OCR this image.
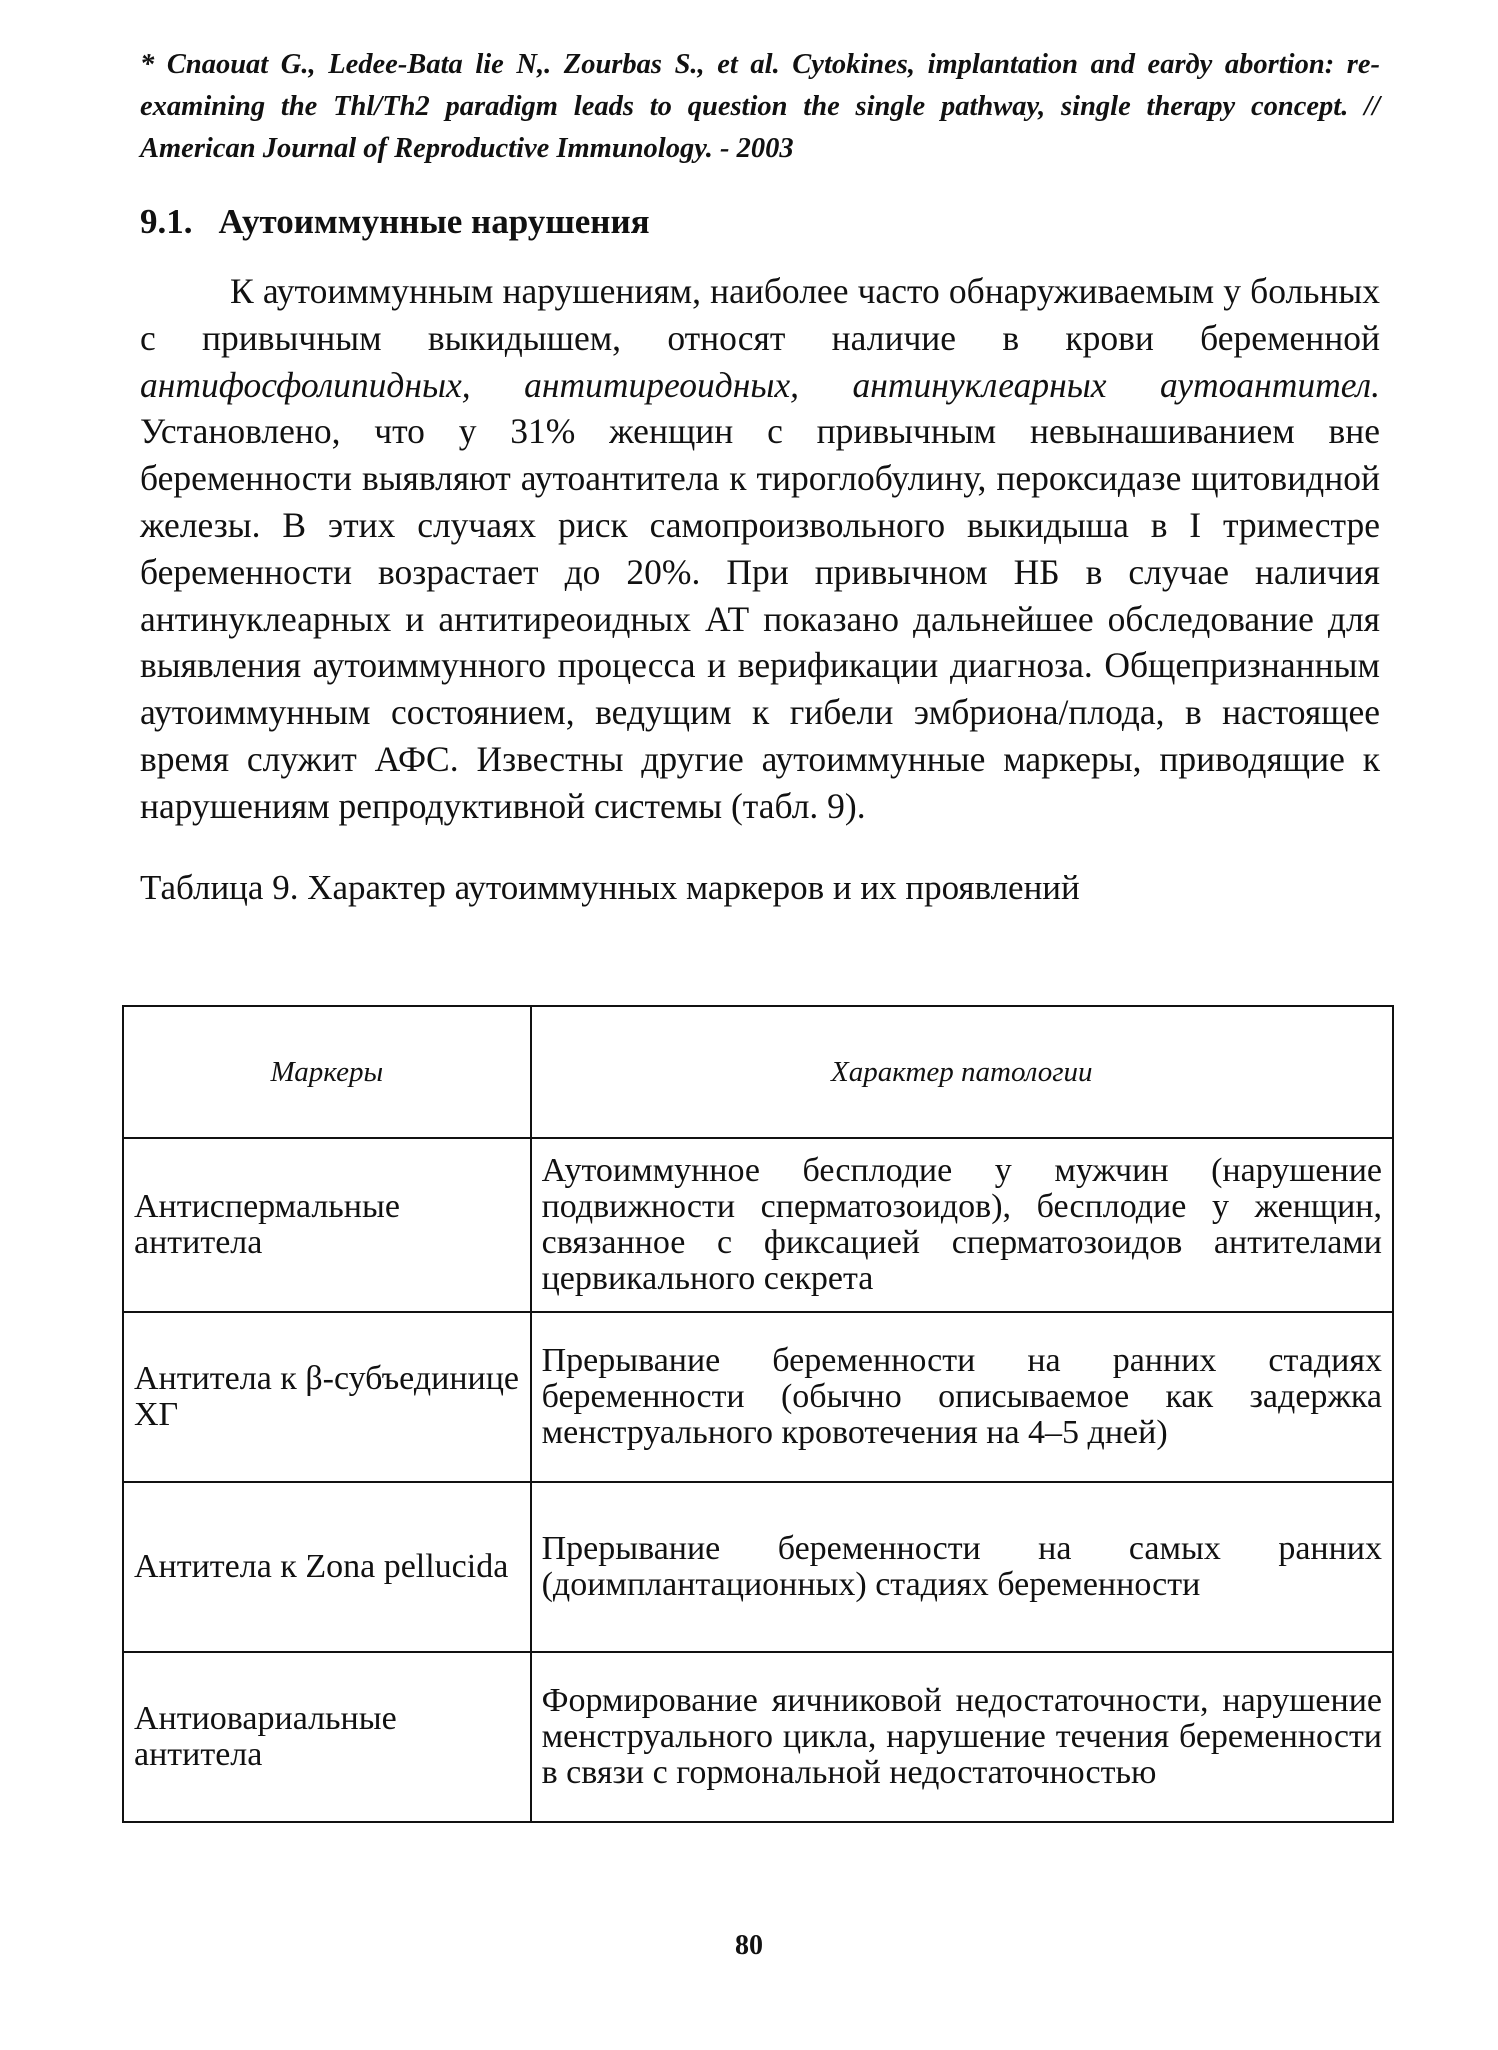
* Cnaouat G., Ledee-Bata lie N,. Zourbas S., et al. Cytokines, implantation and earдy abortion: re-examining the Thl/Th2 paradigm leads to question the single pathway, single therapy concept. // American Journal of Reproductive Immunology. - 2003

9.1. Аутоиммунные нарушения

К аутоиммунным нарушениям, наиболее часто обнаруживаемым у больных с привычным выкидышем, относят наличие в крови беременной антифосфолипидных, антитиреоидных, антинуклеарных аутоантител. Установлено, что у 31% женщин с привычным невынашиванием вне беременности выявляют аутоантитела к тироглобулину, пероксидазе щитовидной железы. В этих случаях риск самопроизвольного выкидыша в I триместре беременности возрастает до 20%. При привычном НБ в случае наличия антинуклеарных и антитиреоидных АТ показано дальнейшее обследование для выявления аутоиммунного процесса и верификации диагноза. Общепризнанным аутоиммунным состоянием, ведущим к гибели эмбриона/плода, в настоящее время служит АФС. Известны другие аутоиммунные маркеры, приводящие к нарушениям репродуктивной системы (табл. 9).

Таблица 9. Характер аутоиммунных маркеров и их проявлений

Маркеры	Характер патологии
Антиспермальные антитела	Аутоиммунное бесплодие у мужчин (нарушение подвижности сперматозоидов), бесплодие у женщин, связанное с фиксацией сперматозоидов антителами цервикального секрета
Антитела к β-субъединице ХГ	Прерывание беременности на ранних стадиях беременности (обычно описываемое как задержка менструального кровотечения на 4–5 дней)
Антитела к Zona pellucida	Прерывание беременности на самых ранних (доимплантационных) стадиях беременности
Антиовариальные антитела	Формирование яичниковой недостаточности, нарушение менструального цикла, нарушение течения беременности в связи с гормональной недостаточностью
80
